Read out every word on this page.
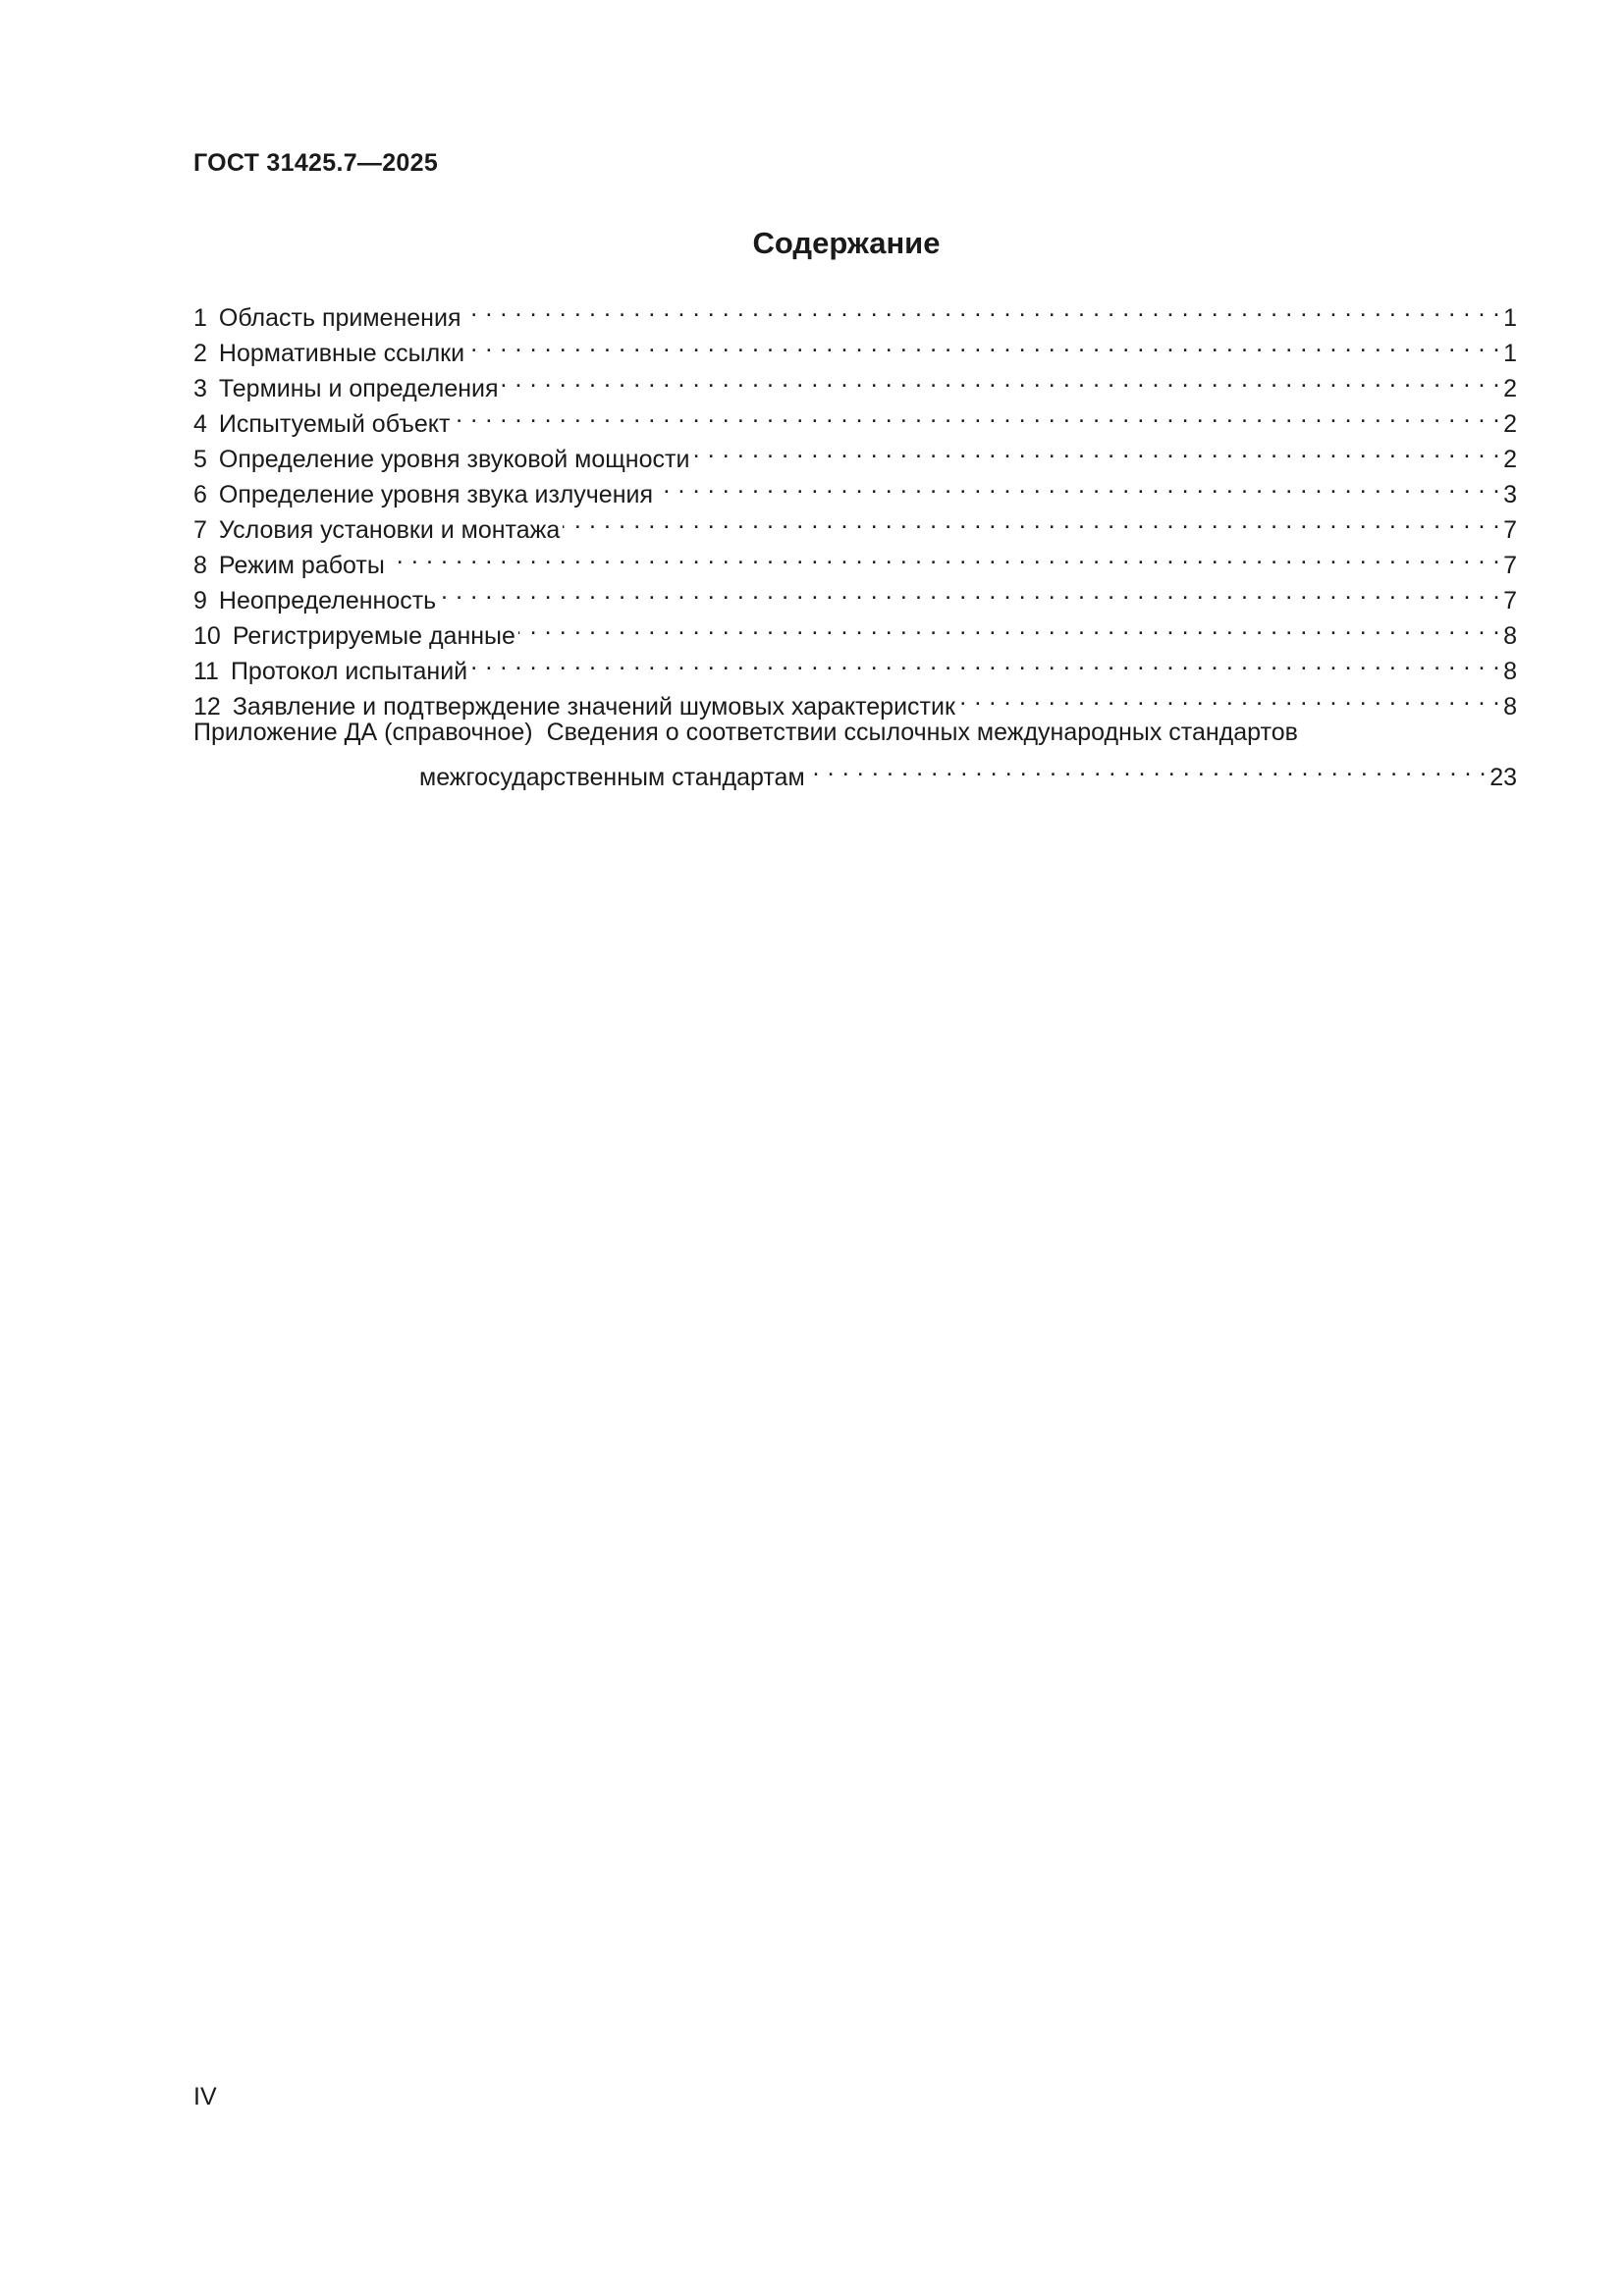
ГОСТ 31425.7—2025
Содержание
1 Область применения . . .	1
2 Нормативные ссылки . . .	1
3 Термины и определения . . .	2
4 Испытуемый объект . . .	2
5 Определение уровня звуковой мощности . . .	2
6 Определение уровня звука излучения . . .	3
7 Условия установки и монтажа . . .	7
8 Режим работы . . .	7
9 Неопределенность . . .	7
10 Регистрируемые данные . . .	8
11 Протокол испытаний . . .	8
12 Заявление и подтверждение значений шумовых характеристик . . .	8
Приложение ДА (справочное) Сведения о соответствии ссылочных международных стандартов
межгосударственным стандартам . . .	23
IV
